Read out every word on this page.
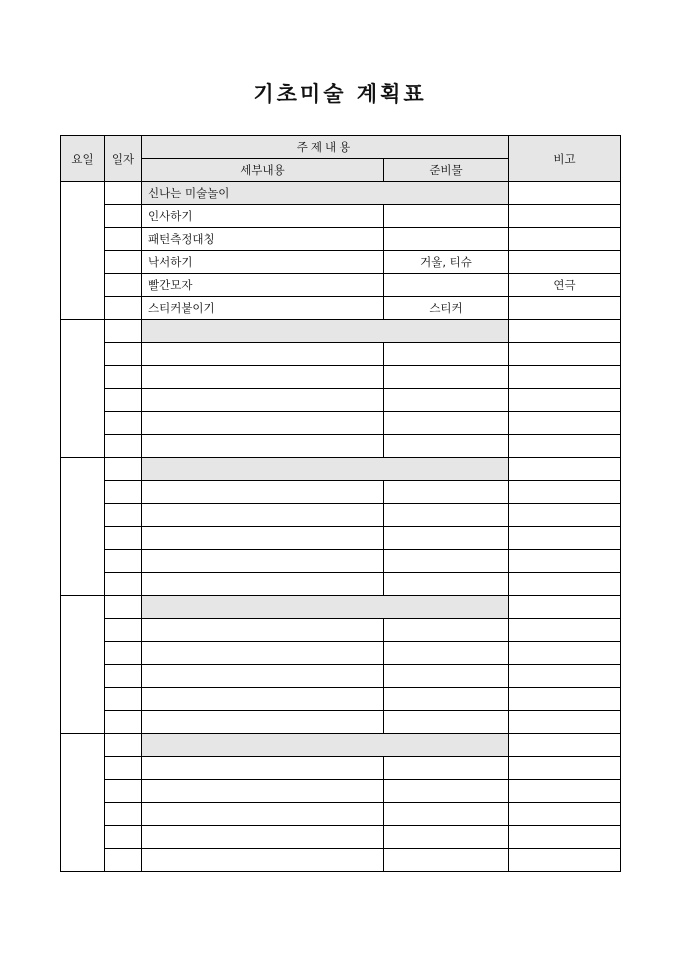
기초미술 계획표
요일	일자	주제내용		비고
		세부내용	준비물	
		신나는 미술놀이		
		인사하기		
		패턴측정대칭		
		낙서하기	거울, 티슈	
		빨간모자		연극
		스티커붙이기	스티커	
